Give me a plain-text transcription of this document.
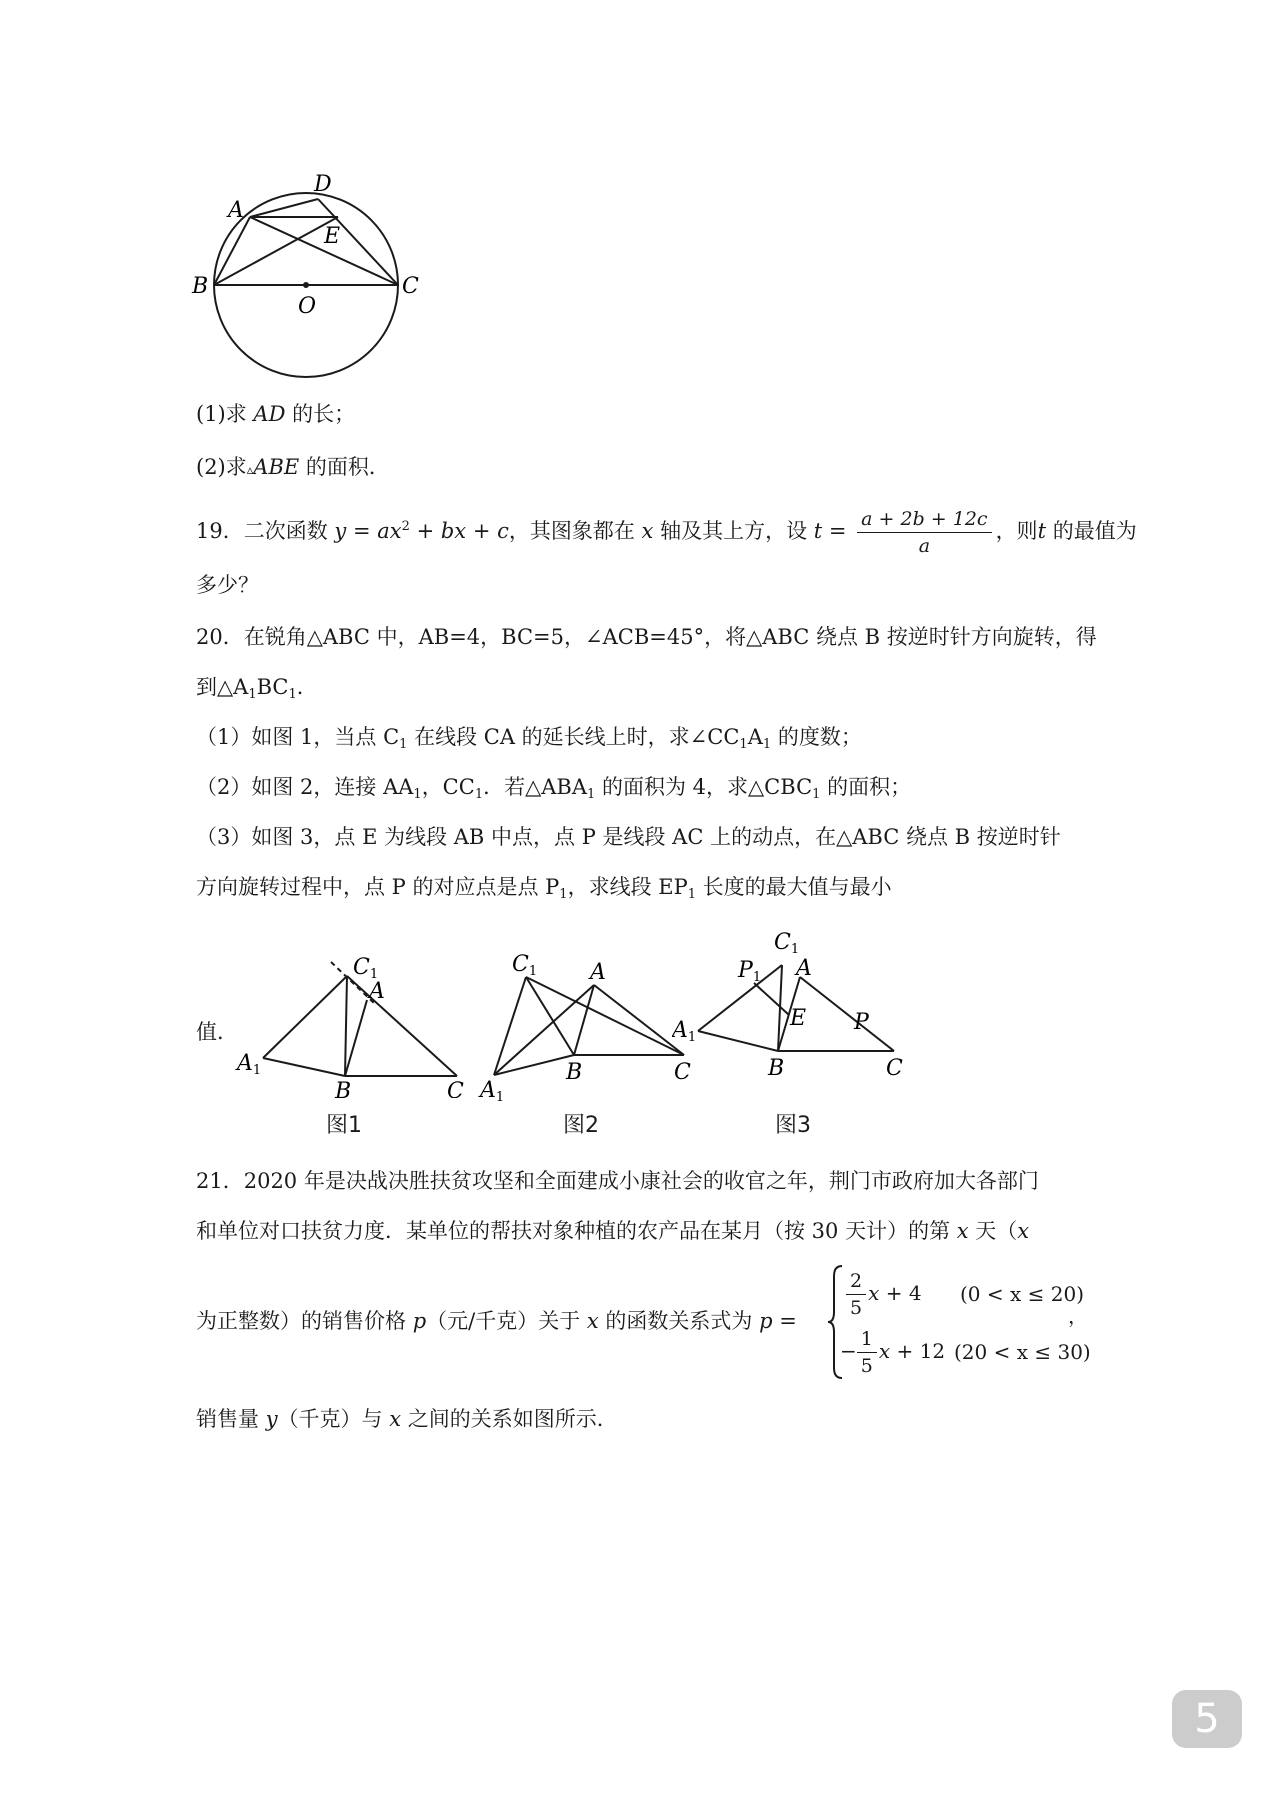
A
D
E
B	C
O
(1)求 AD 的长；
(2)求▵ABE 的面积．
19．二次函数 $y = ax^2$ + bx + c，其图象都在 x 轴及其上方，设 $t = \frac{a + 2b + 12c}{a}$ ，则t 的最值为
多少？
20．在锐角△ABC 中，AB=4，BC=5，∠ACB=45°，将△ABC 绕点 B 按逆时针方向旋转，得
到$\triangle A_1BC_1$．
（1）如图 1，当点 $C_1$ 在线段 CA 的延长线上时，求$\angle CC_1A_1$ 的度数；
（2）如图 2，连接 $AA_1$，$CC_1$．若$\triangle ABA_1$ 的面积为 4，求$\triangle CBC_1$ 的面积；
（3）如图 3，点 E 为线段 AB 中点，点 P 是线段 AC 上的动点，在△ABC 绕点 B 按逆时针
方向旋转过程中，点 P 的对应点是点 $P_1$，求线段 $EP_1$ 长度的最大值与最小
值．
C1
A
A1
B	C
图1
C1 A
A1
B	C
图2
C1
P1 A
E P
A1
B	C
图3
21．2020 年是决战决胜扶贫攻坚和全面建成小康社会的收官之年，荆门市政府加大各部门
和单位对口扶贫力度．某单位的帮扶对象种植的农产品在某月（按 30 天计）的第 x 天（x
为正整数）的销售价格 p（元/千克）关于 x 的函数关系式为 p =	$\frac{2}{5}$ x + 4 (0 < x ≤ 20)
− $\frac{1}{5}$ x + 12 (20 < x ≤ 30)
，
销售量 y（千克）与 x 之间的关系如图所示．
5
